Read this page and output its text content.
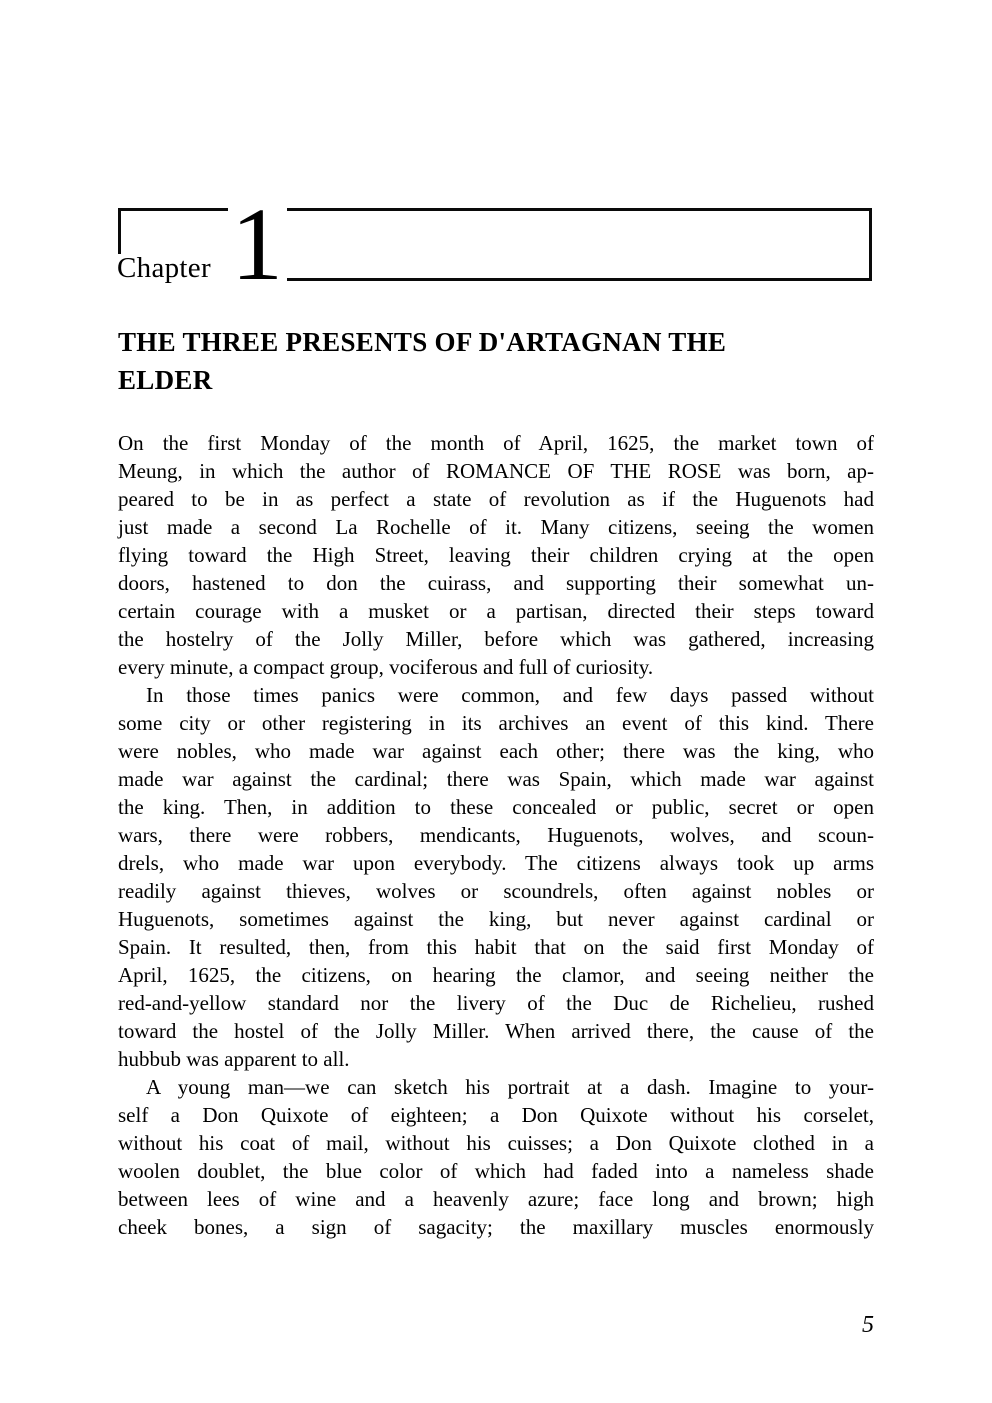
Chapter 1
THE THREE PRESENTS OF D'ARTAGNAN THE
ELDER
On the first Monday of the month of April, 1625, the market town of
Meung, in which the author of ROMANCE OF THE ROSE was born, ap-
peared to be in as perfect a state of revolution as if the Huguenots had
just made a second La Rochelle of it. Many citizens, seeing the women
flying toward the High Street, leaving their children crying at the open
doors, hastened to don the cuirass, and supporting their somewhat un-
certain courage with a musket or a partisan, directed their steps toward
the hostelry of the Jolly Miller, before which was gathered, increasing
every minute, a compact group, vociferous and full of curiosity.
In those times panics were common, and few days passed without
some city or other registering in its archives an event of this kind. There
were nobles, who made war against each other; there was the king, who
made war against the cardinal; there was Spain, which made war against
the king. Then, in addition to these concealed or public, secret or open
wars, there were robbers, mendicants, Huguenots, wolves, and scoun-
drels, who made war upon everybody. The citizens always took up arms
readily against thieves, wolves or scoundrels, often against nobles or
Huguenots, sometimes against the king, but never against cardinal or
Spain. It resulted, then, from this habit that on the said first Monday of
April, 1625, the citizens, on hearing the clamor, and seeing neither the
red-and-yellow standard nor the livery of the Duc de Richelieu, rushed
toward the hostel of the Jolly Miller. When arrived there, the cause of the
hubbub was apparent to all.
A young man—we can sketch his portrait at a dash. Imagine to your-
self a Don Quixote of eighteen; a Don Quixote without his corselet,
without his coat of mail, without his cuisses; a Don Quixote clothed in a
woolen doublet, the blue color of which had faded into a nameless shade
between lees of wine and a heavenly azure; face long and brown; high
cheek bones, a sign of sagacity; the maxillary muscles enormously
5
